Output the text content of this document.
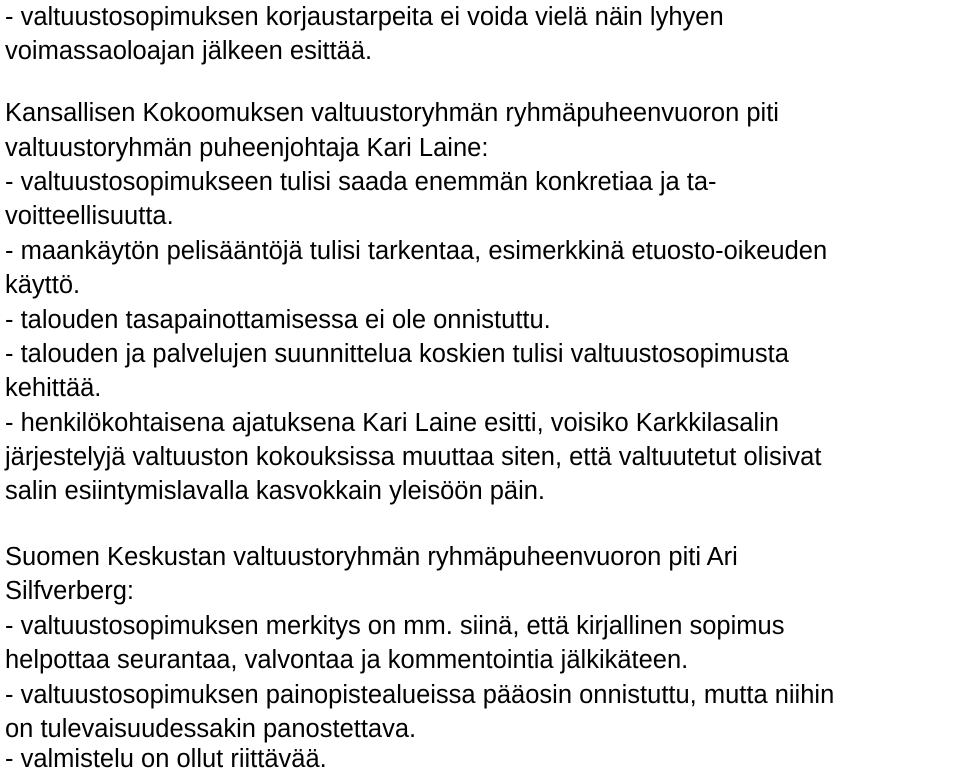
- valtuustosopimuksen korjaustarpeita ei voida vielä näin lyhyen
voimassaoloajan jälkeen esittää.
Kansallisen Kokoomuksen valtuustoryhmän ryhmäpuheenvuoron piti
valtuustoryhmän puheenjohtaja Kari Laine:
- valtuustosopimukseen tulisi saada enemmän konkretiaa ja ta-
voitteellisuutta.
- maankäytön pelisääntöjä tulisi tarkentaa, esimerkkinä etuosto-oikeuden
käyttö.
- talouden tasapainottamisessa ei ole onnistuttu.
- talouden ja palvelujen suunnittelua koskien tulisi valtuustosopimusta
kehittää.
- henkilökohtaisena ajatuksena Kari Laine esitti, voisiko Karkkilasalin
järjestelyjä valtuuston kokouksissa muuttaa siten, että valtuutetut olisivat
salin esiintymislavalla kasvokkain yleisöön päin.
Suomen Keskustan valtuustoryhmän ryhmäpuheenvuoron piti Ari
Silfverberg:
- valtuustosopimuksen merkitys on mm. siinä, että kirjallinen sopimus
helpottaa seurantaa, valvontaa ja kommentointia jälkikäteen.
- valtuustosopimuksen painopistealueissa pääosin onnistuttu, mutta niihin
on tulevaisuudessakin panostettava.
- valmistelu on ollut riittävää.
